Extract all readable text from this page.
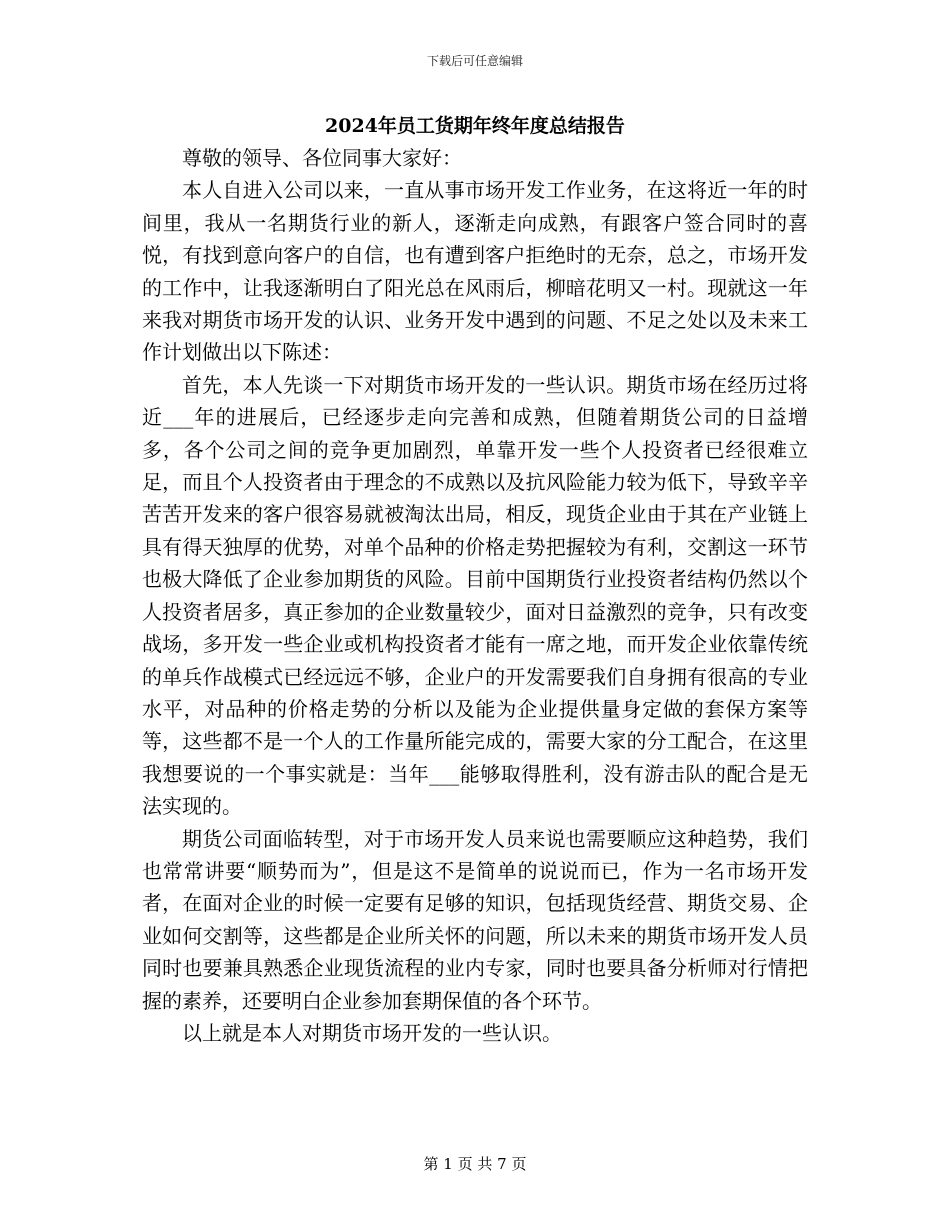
下载后可任意编辑
2024年员工货期年终年度总结报告

尊敬的领导、各位同事大家好：

本人自进入公司以来，一直从事市场开发工作业务，在这将近一年的时间里，我从一名期货行业的新人，逐渐走向成熟，有跟客户签合同时的喜悦，有找到意向客户的自信，也有遭到客户拒绝时的无奈，总之，市场开发的工作中，让我逐渐明白了阳光总在风雨后，柳暗花明又一村。现就这一年来我对期货市场开发的认识、业务开发中遇到的问题、不足之处以及未来工作计划做出以下陈述：

首先，本人先谈一下对期货市场开发的一些认识。期货市场在经历过将近___年的进展后，已经逐步走向完善和成熟，但随着期货公司的日益增多，各个公司之间的竞争更加剧烈，单靠开发一些个人投资者已经很难立足，而且个人投资者由于理念的不成熟以及抗风险能力较为低下，导致辛辛苦苦开发来的客户很容易就被淘汰出局，相反，现货企业由于其在产业链上具有得天独厚的优势，对单个品种的价格走势把握较为有利，交割这一环节也极大降低了企业参加期货的风险。目前中国期货行业投资者结构仍然以个人投资者居多，真正参加的企业数量较少，面对日益激烈的竞争，只有改变战场，多开发一些企业或机构投资者才能有一席之地，而开发企业依靠传统的单兵作战模式已经远远不够，企业户的开发需要我们自身拥有很高的专业水平，对品种的价格走势的分析以及能为企业提供量身定做的套保方案等等，这些都不是一个人的工作量所能完成的，需要大家的分工配合，在这里我想要说的一个事实就是：当年___能够取得胜利，没有游击队的配合是无法实现的。

期货公司面临转型，对于市场开发人员来说也需要顺应这种趋势，我们也常常讲要“顺势而为”，但是这不是简单的说说而已，作为一名市场开发者，在面对企业的时候一定要有足够的知识，包括现货经营、期货交易、企业如何交割等，这些都是企业所关怀的问题，所以未来的期货市场开发人员同时也要兼具熟悉企业现货流程的业内专家，同时也要具备分析师对行情把握的素养，还要明白企业参加套期保值的各个环节。

以上就是本人对期货市场开发的一些认识。

第 1 页 共 7 页
